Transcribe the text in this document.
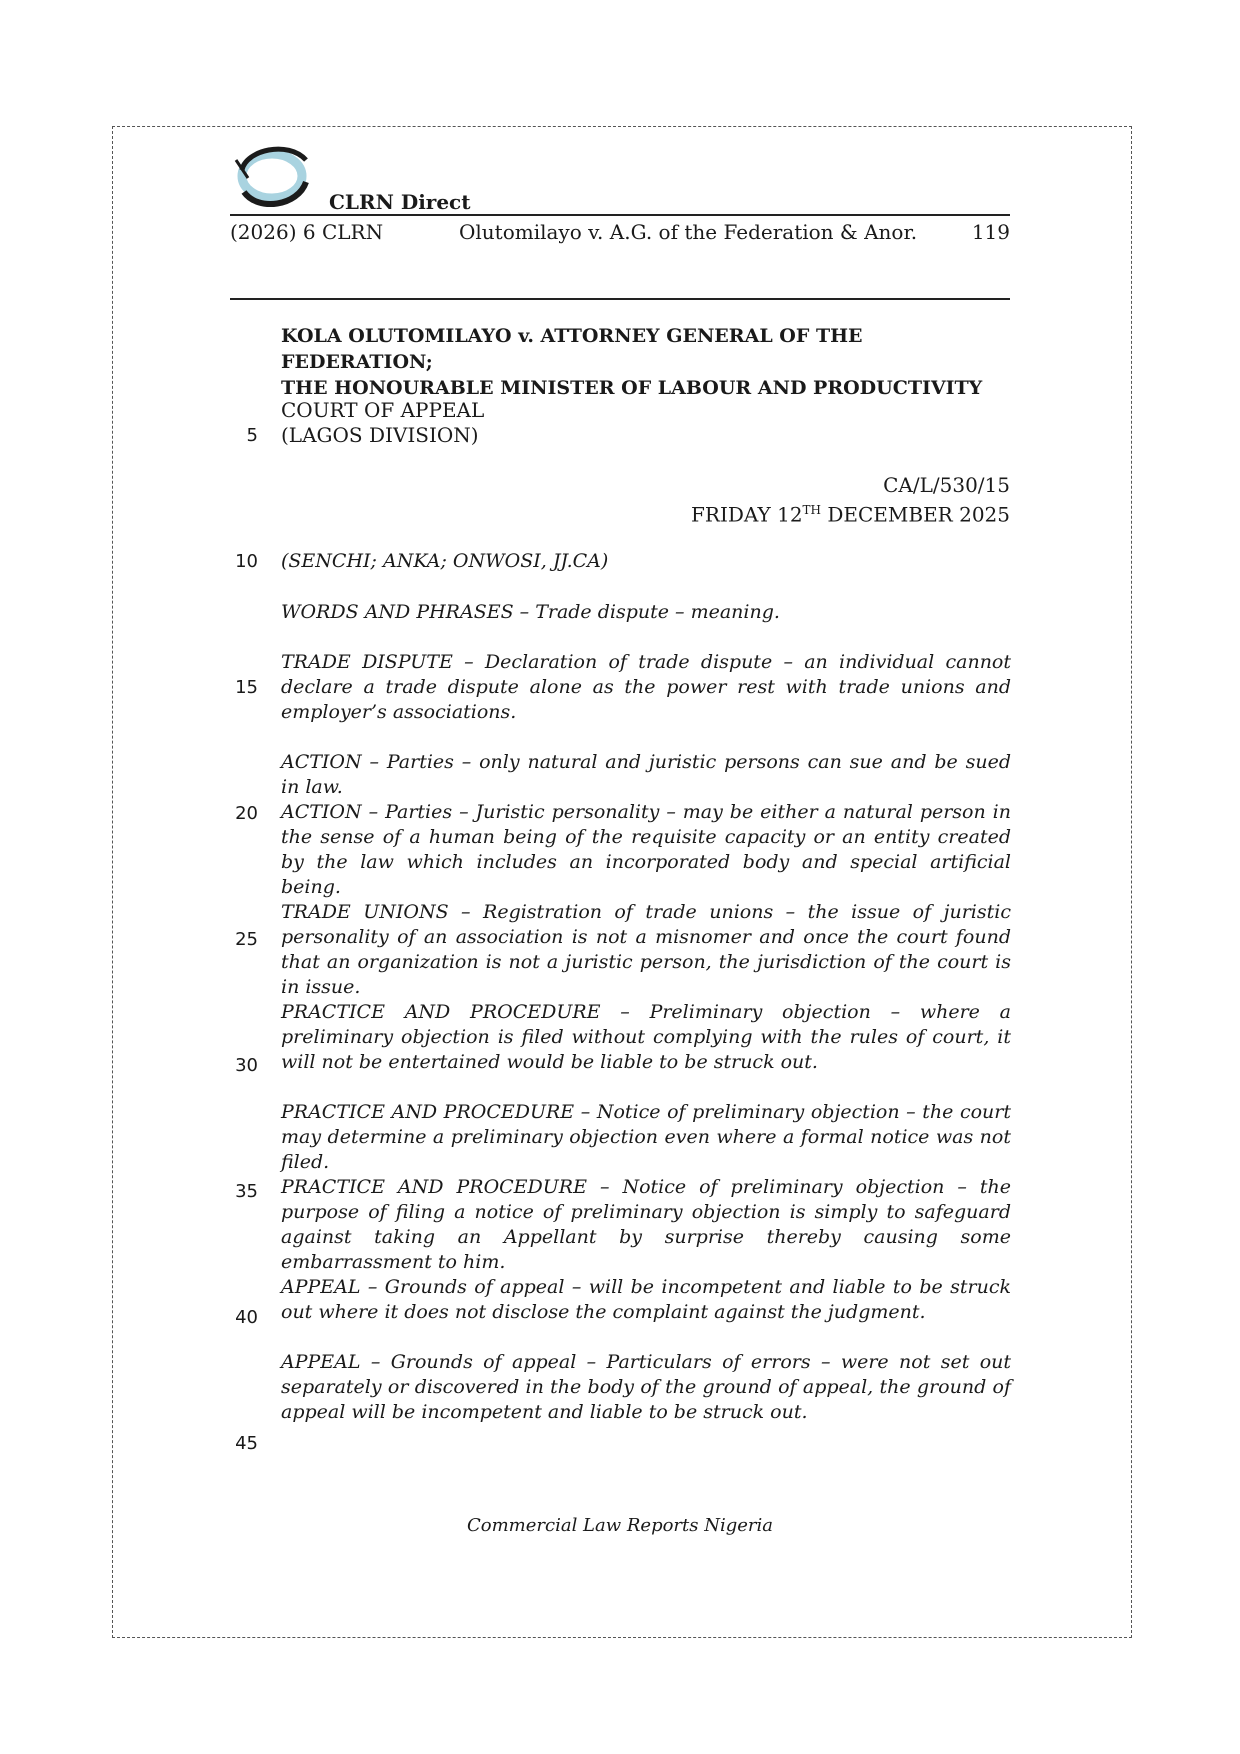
CLRN Direct
(2026) 6 CLRN	Olutomilayo v. A.G. of the Federation & Anor.	119
KOLA OLUTOMILAYO v. ATTORNEY GENERAL OF THE FEDERATION;
THE HONOURABLE MINISTER OF LABOUR AND PRODUCTIVITY
COURT OF APPEAL
(LAGOS DIVISION)
CA/L/530/15
FRIDAY 12TH DECEMBER 2025
(SENCHI; ANKA; ONWOSI, JJ.CA)
5
10
15
20
25
30
35
40
45
WORDS AND PHRASES – Trade dispute – meaning.
TRADE DISPUTE – Declaration of trade dispute – an individual cannot declare a trade dispute alone as the power rest with trade unions and employer’s associations.
ACTION – Parties – only natural and juristic persons can sue and be sued in law.
ACTION – Parties – Juristic personality – may be either a natural person in the sense of a human being of the requisite capacity or an entity created by the law which includes an incorporated body and special artificial being.
TRADE UNIONS – Registration of trade unions – the issue of juristic personality of an association is not a misnomer and once the court found that an organization is not a juristic person, the jurisdiction of the court is in issue.
PRACTICE AND PROCEDURE – Preliminary objection – where a preliminary objection is filed without complying with the rules of court, it will not be entertained would be liable to be struck out.
PRACTICE AND PROCEDURE – Notice of preliminary objection – the court may determine a preliminary objection even where a formal notice was not filed.
PRACTICE AND PROCEDURE – Notice of preliminary objection – the purpose of filing a notice of preliminary objection is simply to safeguard against taking an Appellant by surprise thereby causing some embarrassment to him.
APPEAL – Grounds of appeal – will be incompetent and liable to be struck out where it does not disclose the complaint against the judgment.
APPEAL – Grounds of appeal – Particulars of errors – were not set out separately or discovered in the body of the ground of appeal, the ground of appeal will be incompetent and liable to be struck out.
Commercial Law Reports Nigeria
